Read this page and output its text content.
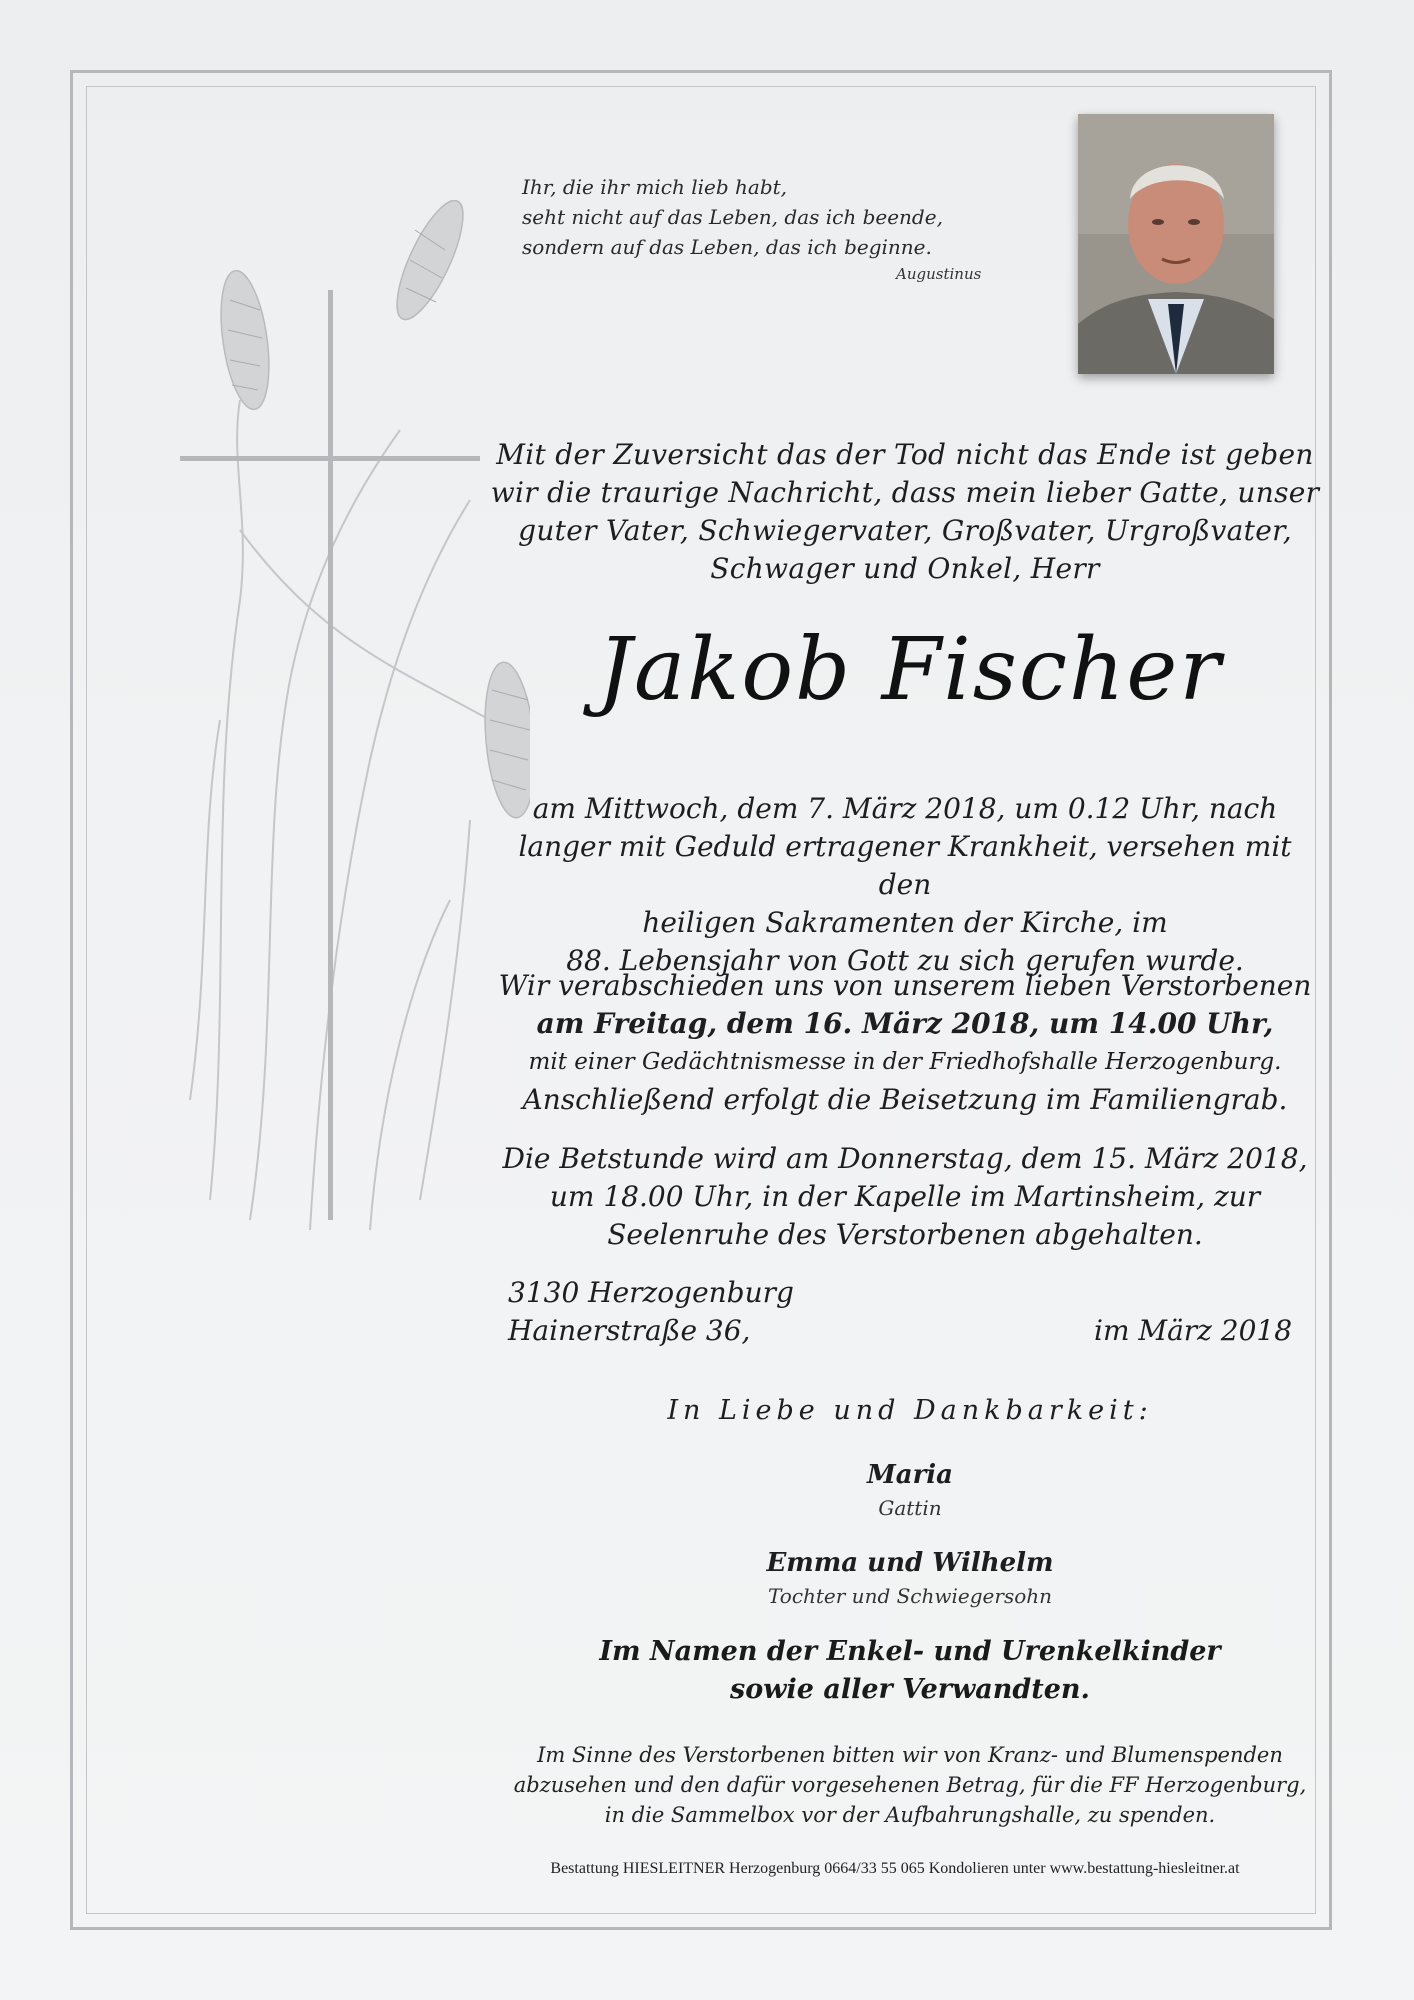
Ihr, die ihr mich lieb habt,
seht nicht auf das Leben, das ich beende,
sondern auf das Leben, das ich beginne.
Augustinus
Mit der Zuversicht das der Tod nicht das Ende ist geben
wir die traurige Nachricht, dass mein lieber Gatte, unser
guter Vater, Schwiegervater, Großvater, Urgroßvater,
Schwager und Onkel, Herr
Jakob Fischer
am Mittwoch, dem 7. März 2018, um 0.12 Uhr, nach
langer mit Geduld ertragener Krankheit, versehen mit den
heiligen Sakramenten der Kirche, im
88. Lebensjahr von Gott zu sich gerufen wurde.
Wir verabschieden uns von unserem lieben Verstorbenen
am Freitag, dem 16. März 2018, um 14.00 Uhr,
mit einer Gedächtnismesse in der Friedhofshalle Herzogenburg.
Anschließend erfolgt die Beisetzung im Familiengrab.
Die Betstunde wird am Donnerstag, dem 15. März 2018,
um 18.00 Uhr, in der Kapelle im Martinsheim, zur
Seelenruhe des Verstorbenen abgehalten.
3130 Herzogenburg
Hainerstraße 36,	im März 2018
In Liebe und Dankbarkeit:
Maria
Gattin
Emma und Wilhelm
Tochter und Schwiegersohn
Im Namen der Enkel- und Urenkelkinder
sowie aller Verwandten.
Im Sinne des Verstorbenen bitten wir von Kranz- und Blumenspenden
abzusehen und den dafür vorgesehenen Betrag, für die FF Herzogenburg,
in die Sammelbox vor der Aufbahrungshalle, zu spenden.
Bestattung HIESLEITNER Herzogenburg 0664/33 55 065 Kondolieren unter www.bestattung-hiesleitner.at
